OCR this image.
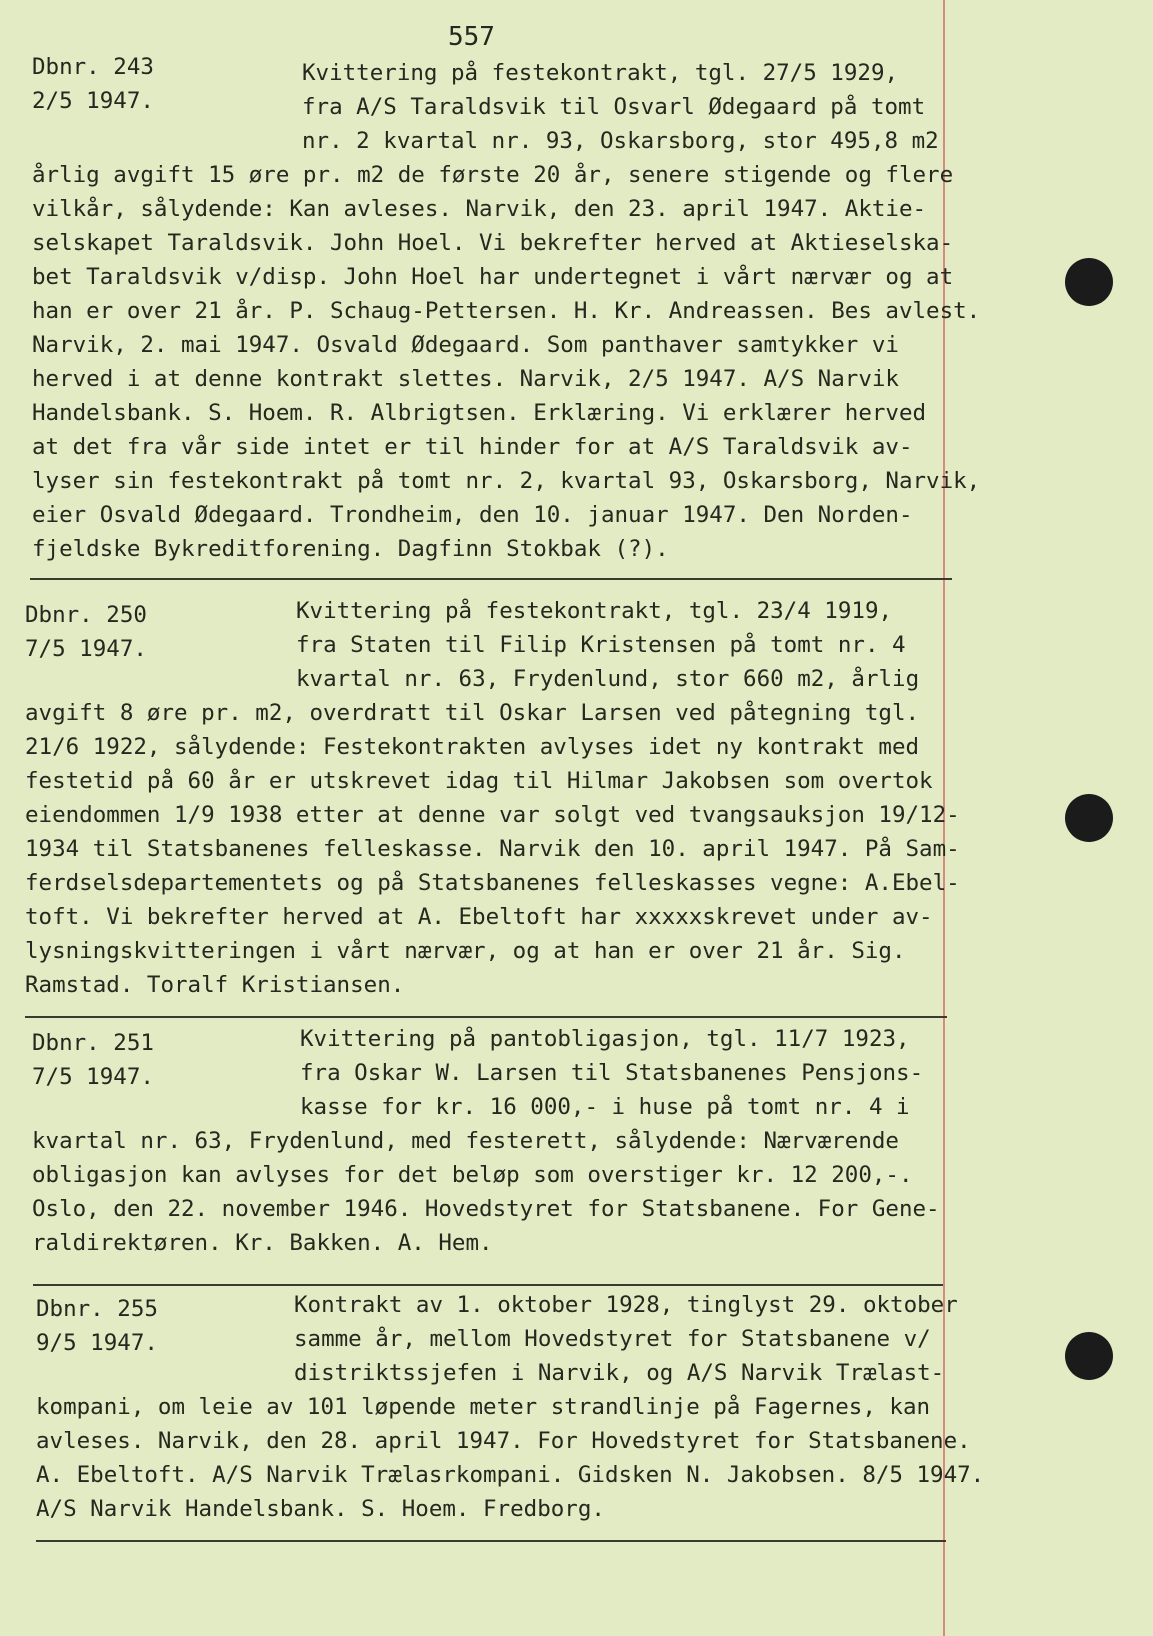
557
Dbnr. 243
2/5 1947.
Kvittering på festekontrakt, tgl. 27/5 1929,
fra A/S Taraldsvik til Osvarl Ødegaard på tomt
nr. 2 kvartal nr. 93, Oskarsborg, stor 495,8 m2
årlig avgift 15 øre pr. m2 de første 20 år, senere stigende og flere
vilkår, sålydende: Kan avleses. Narvik, den 23. april 1947. Aktie-
selskapet Taraldsvik. John Hoel. Vi bekrefter herved at Aktieselska-
bet Taraldsvik v/disp. John Hoel har undertegnet i vårt nærvær og at
han er over 21 år. P. Schaug-Pettersen. H. Kr. Andreassen. Bes avlest.
Narvik, 2. mai 1947. Osvald Ødegaard. Som panthaver samtykker vi
herved i at denne kontrakt slettes. Narvik, 2/5 1947. A/S Narvik
Handelsbank. S. Hoem. R. Albrigtsen. Erklæring. Vi erklærer herved
at det fra vår side intet er til hinder for at A/S Taraldsvik av-
lyser sin festekontrakt på tomt nr. 2, kvartal 93, Oskarsborg, Narvik,
eier Osvald Ødegaard. Trondheim, den 10. januar 1947. Den Norden-
fjeldske Bykreditforening. Dagfinn Stokbak (?).
Dbnr. 250
7/5 1947.
Kvittering på festekontrakt, tgl. 23/4 1919,
fra Staten til Filip Kristensen på tomt nr. 4
kvartal nr. 63, Frydenlund, stor 660 m2, årlig
avgift 8 øre pr. m2, overdratt til Oskar Larsen ved påtegning tgl.
21/6 1922, sålydende: Festekontrakten avlyses idet ny kontrakt med
festetid på 60 år er utskrevet idag til Hilmar Jakobsen som overtok
eiendommen 1/9 1938 etter at denne var solgt ved tvangsauksjon 19/12-
1934 til Statsbanenes felleskasse. Narvik den 10. april 1947. På Sam-
ferdselsdepartementets og på Statsbanenes felleskasses vegne: A.Ebel-
toft. Vi bekrefter herved at A. Ebeltoft har xxxxxskrevet under av-
lysningskvitteringen i vårt nærvær, og at han er over 21 år. Sig.
Ramstad. Toralf Kristiansen.
Dbnr. 251
7/5 1947.
Kvittering på pantobligasjon, tgl. 11/7 1923,
fra Oskar W. Larsen til Statsbanenes Pensjons-
kasse for kr. 16 000,- i huse på tomt nr. 4 i
kvartal nr. 63, Frydenlund, med festerett, sålydende: Nærværende
obligasjon kan avlyses for det beløp som overstiger kr. 12 200,-.
Oslo, den 22. november 1946. Hovedstyret for Statsbanene. For Gene-
raldirektøren. Kr. Bakken. A. Hem.
Dbnr. 255
9/5 1947.
Kontrakt av 1. oktober 1928, tinglyst 29. oktober
samme år, mellom Hovedstyret for Statsbanene v/
distriktssjefen i Narvik, og A/S Narvik Trælast-
kompani, om leie av 101 løpende meter strandlinje på Fagernes, kan
avleses. Narvik, den 28. april 1947. For Hovedstyret for Statsbanene.
A. Ebeltoft. A/S Narvik Trælasrkompani. Gidsken N. Jakobsen. 8/5 1947.
A/S Narvik Handelsbank. S. Hoem. Fredborg.
